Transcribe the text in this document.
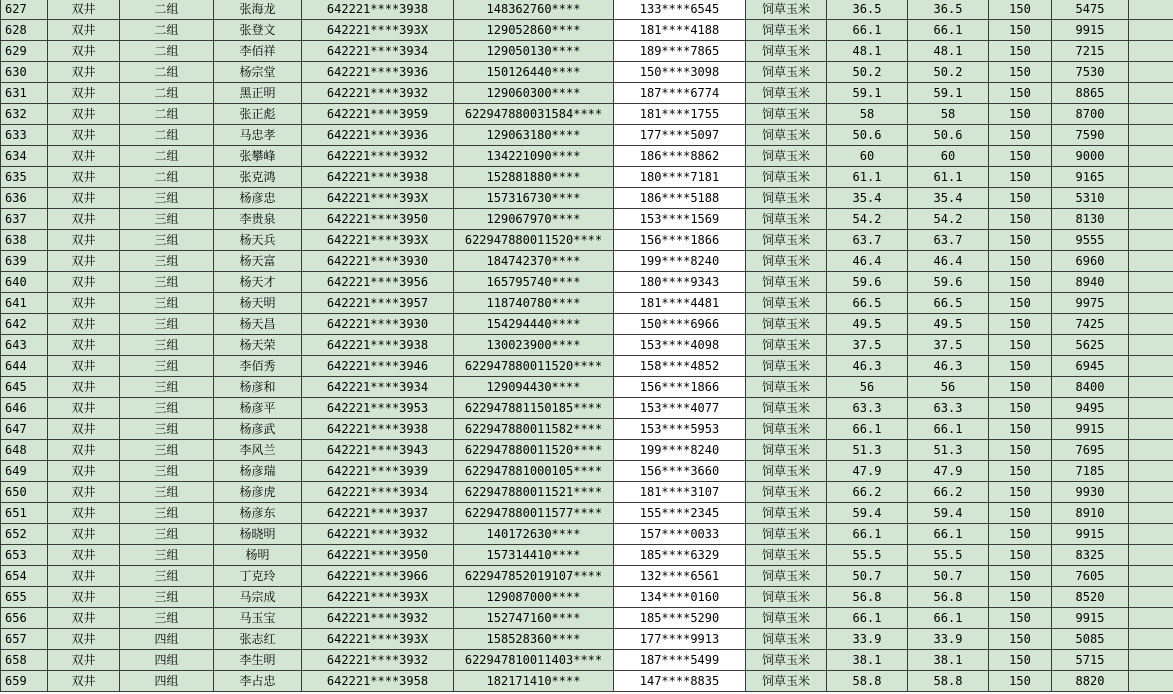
627	双井	二组	张海龙	642221****3938	148362760****	133****6545	饲草玉米	36.5	36.5	150	5475	
628	双井	二组	张登文	642221****393X	129052860****	181****4188	饲草玉米	66.1	66.1	150	9915	
629	双井	二组	李佰祥	642221****3934	129050130****	189****7865	饲草玉米	48.1	48.1	150	7215	
630	双井	二组	杨宗堂	642221****3936	150126440****	150****3098	饲草玉米	50.2	50.2	150	7530	
631	双井	二组	黑正明	642221****3932	129060300****	187****6774	饲草玉米	59.1	59.1	150	8865	
632	双井	二组	张正彪	642221****3959	622947880031584****	181****1755	饲草玉米	58	58	150	8700	
633	双井	二组	马忠孝	642221****3936	129063180****	177****5097	饲草玉米	50.6	50.6	150	7590	
634	双井	二组	张攀峰	642221****3932	134221090****	186****8862	饲草玉米	60	60	150	9000	
635	双井	二组	张克鸿	642221****3938	152881880****	180****7181	饲草玉米	61.1	61.1	150	9165	
636	双井	三组	杨彦忠	642221****393X	157316730****	186****5188	饲草玉米	35.4	35.4	150	5310	
637	双井	三组	李贵泉	642221****3950	129067970****	153****1569	饲草玉米	54.2	54.2	150	8130	
638	双井	三组	杨天兵	642221****393X	622947880011520****	156****1866	饲草玉米	63.7	63.7	150	9555	
639	双井	三组	杨天富	642221****3930	184742370****	199****8240	饲草玉米	46.4	46.4	150	6960	
640	双井	三组	杨天才	642221****3956	165795740****	180****9343	饲草玉米	59.6	59.6	150	8940	
641	双井	三组	杨天明	642221****3957	118740780****	181****4481	饲草玉米	66.5	66.5	150	9975	
642	双井	三组	杨天昌	642221****3930	154294440****	150****6966	饲草玉米	49.5	49.5	150	7425	
643	双井	三组	杨天荣	642221****3938	130023900****	153****4098	饲草玉米	37.5	37.5	150	5625	
644	双井	三组	李佰秀	642221****3946	622947880011520****	158****4852	饲草玉米	46.3	46.3	150	6945	
645	双井	三组	杨彦和	642221****3934	129094430****	156****1866	饲草玉米	56	56	150	8400	
646	双井	三组	杨彦平	642221****3953	622947881150185****	153****4077	饲草玉米	63.3	63.3	150	9495	
647	双井	三组	杨彦武	642221****3938	622947880011582****	153****5953	饲草玉米	66.1	66.1	150	9915	
648	双井	三组	李风兰	642221****3943	622947880011520****	199****8240	饲草玉米	51.3	51.3	150	7695	
649	双井	三组	杨彦瑞	642221****3939	622947881000105****	156****3660	饲草玉米	47.9	47.9	150	7185	
650	双井	三组	杨彦虎	642221****3934	622947880011521****	181****3107	饲草玉米	66.2	66.2	150	9930	
651	双井	三组	杨彦东	642221****3937	622947880011577****	155****2345	饲草玉米	59.4	59.4	150	8910	
652	双井	三组	杨晓明	642221****3932	140172630****	157****0033	饲草玉米	66.1	66.1	150	9915	
653	双井	三组	杨明	642221****3950	157314410****	185****6329	饲草玉米	55.5	55.5	150	8325	
654	双井	三组	丁克玲	642221****3966	622947852019107****	132****6561	饲草玉米	50.7	50.7	150	7605	
655	双井	三组	马宗成	642221****393X	129087000****	134****0160	饲草玉米	56.8	56.8	150	8520	
656	双井	三组	马玉宝	642221****3932	152747160****	185****5290	饲草玉米	66.1	66.1	150	9915	
657	双井	四组	张志红	642221****393X	158528360****	177****9913	饲草玉米	33.9	33.9	150	5085	
658	双井	四组	李生明	642221****3932	622947810011403****	187****5499	饲草玉米	38.1	38.1	150	5715	
659	双井	四组	李占忠	642221****3958	182171410****	147****8835	饲草玉米	58.8	58.8	150	8820	
